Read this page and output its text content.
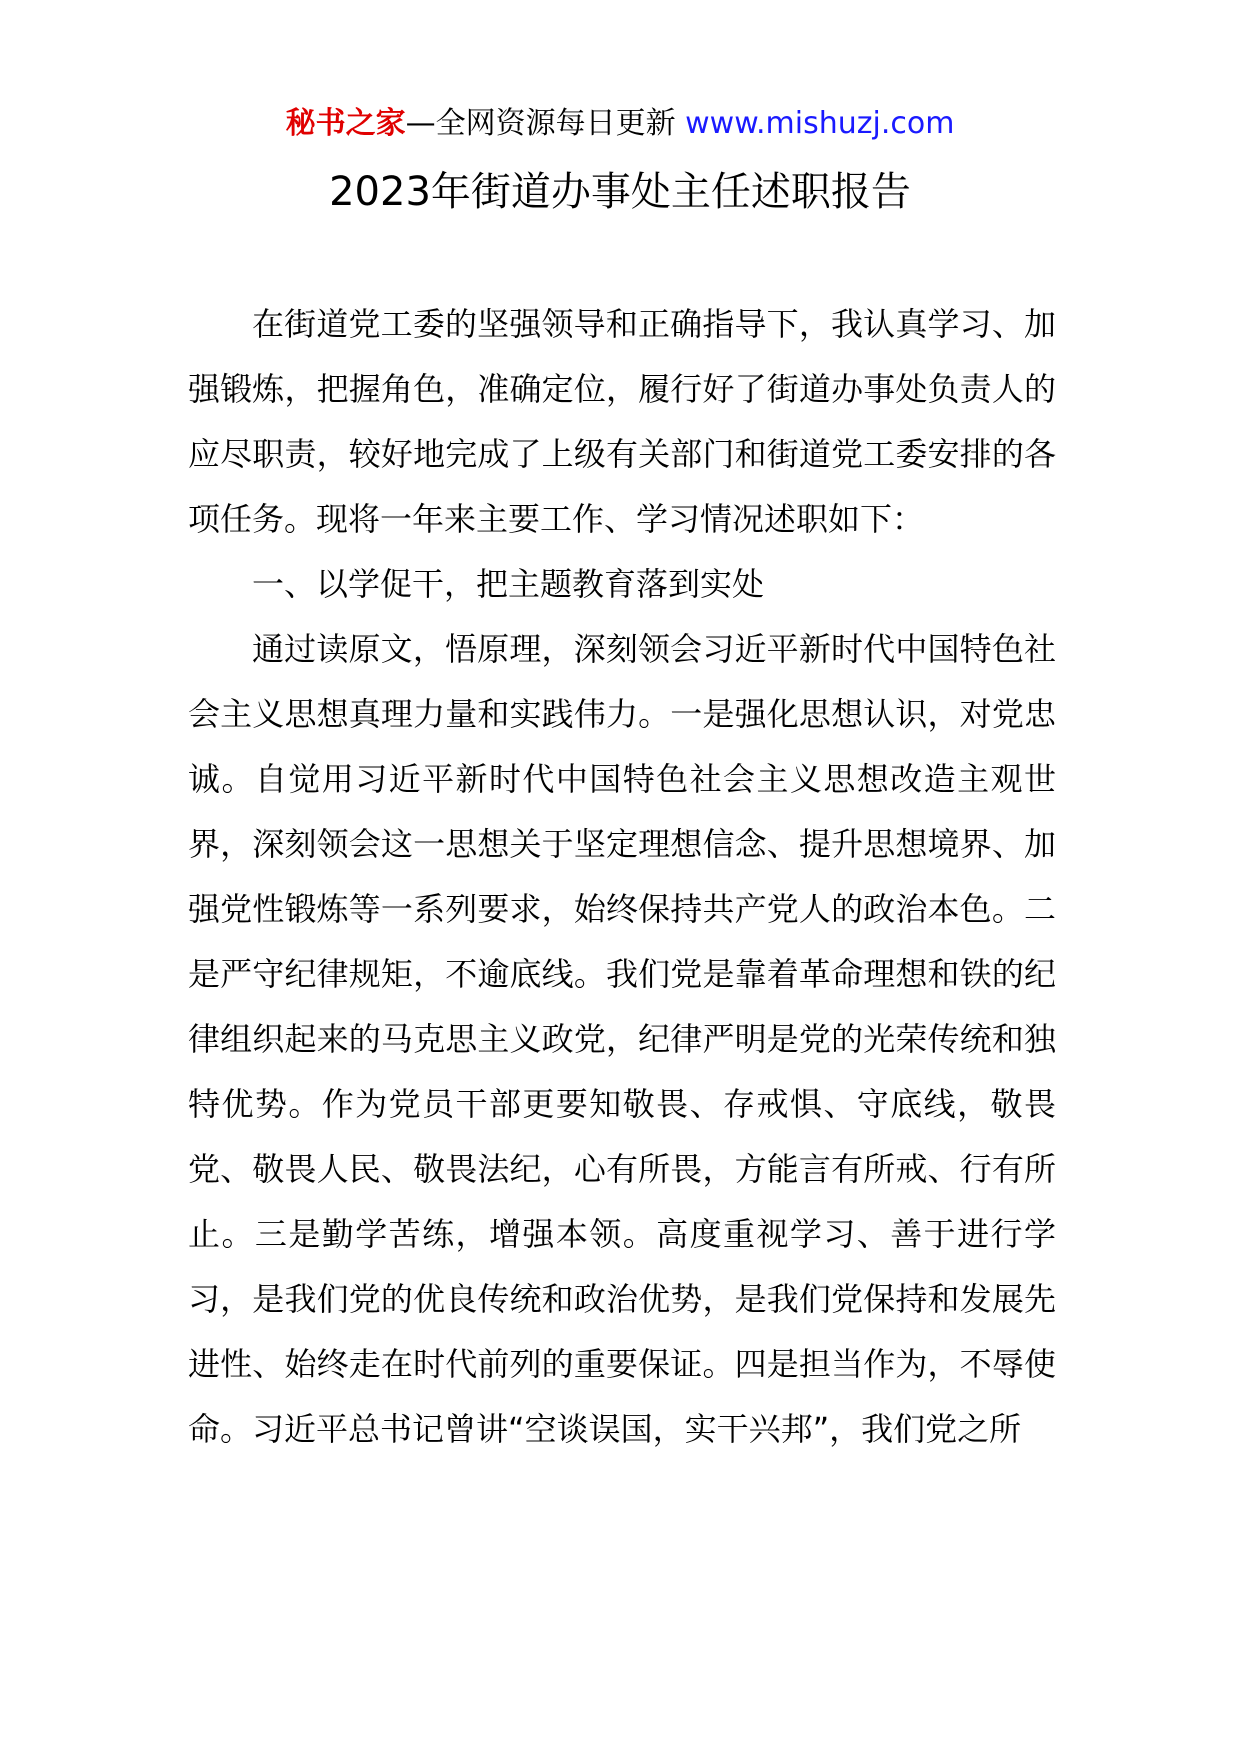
秘书之家—全网资源每日更新 www.mishuzj.com
2023年街道办事处主任述职报告

在街道党工委的坚强领导和正确指导下，我认真学习、加强锻炼，把握角色，准确定位，履行好了街道办事处负责人的应尽职责，较好地完成了上级有关部门和街道党工委安排的各项任务。现将一年来主要工作、学习情况述职如下：

一、以学促干，把主题教育落到实处

通过读原文，悟原理，深刻领会习近平新时代中国特色社会主义思想真理力量和实践伟力。一是强化思想认识，对党忠诚。自觉用习近平新时代中国特色社会主义思想改造主观世界，深刻领会这一思想关于坚定理想信念、提升思想境界、加强党性锻炼等一系列要求，始终保持共产党人的政治本色。二是严守纪律规矩，不逾底线。我们党是靠着革命理想和铁的纪律组织起来的马克思主义政党，纪律严明是党的光荣传统和独特优势。作为党员干部更要知敬畏、存戒惧、守底线，敬畏党、敬畏人民、敬畏法纪，心有所畏，方能言有所戒、行有所止。三是勤学苦练，增强本领。高度重视学习、善于进行学习，是我们党的优良传统和政治优势，是我们党保持和发展先进性、始终走在时代前列的重要保证。四是担当作为，不辱使命。习近平总书记曾讲“空谈误国，实干兴邦”，我们党之所
